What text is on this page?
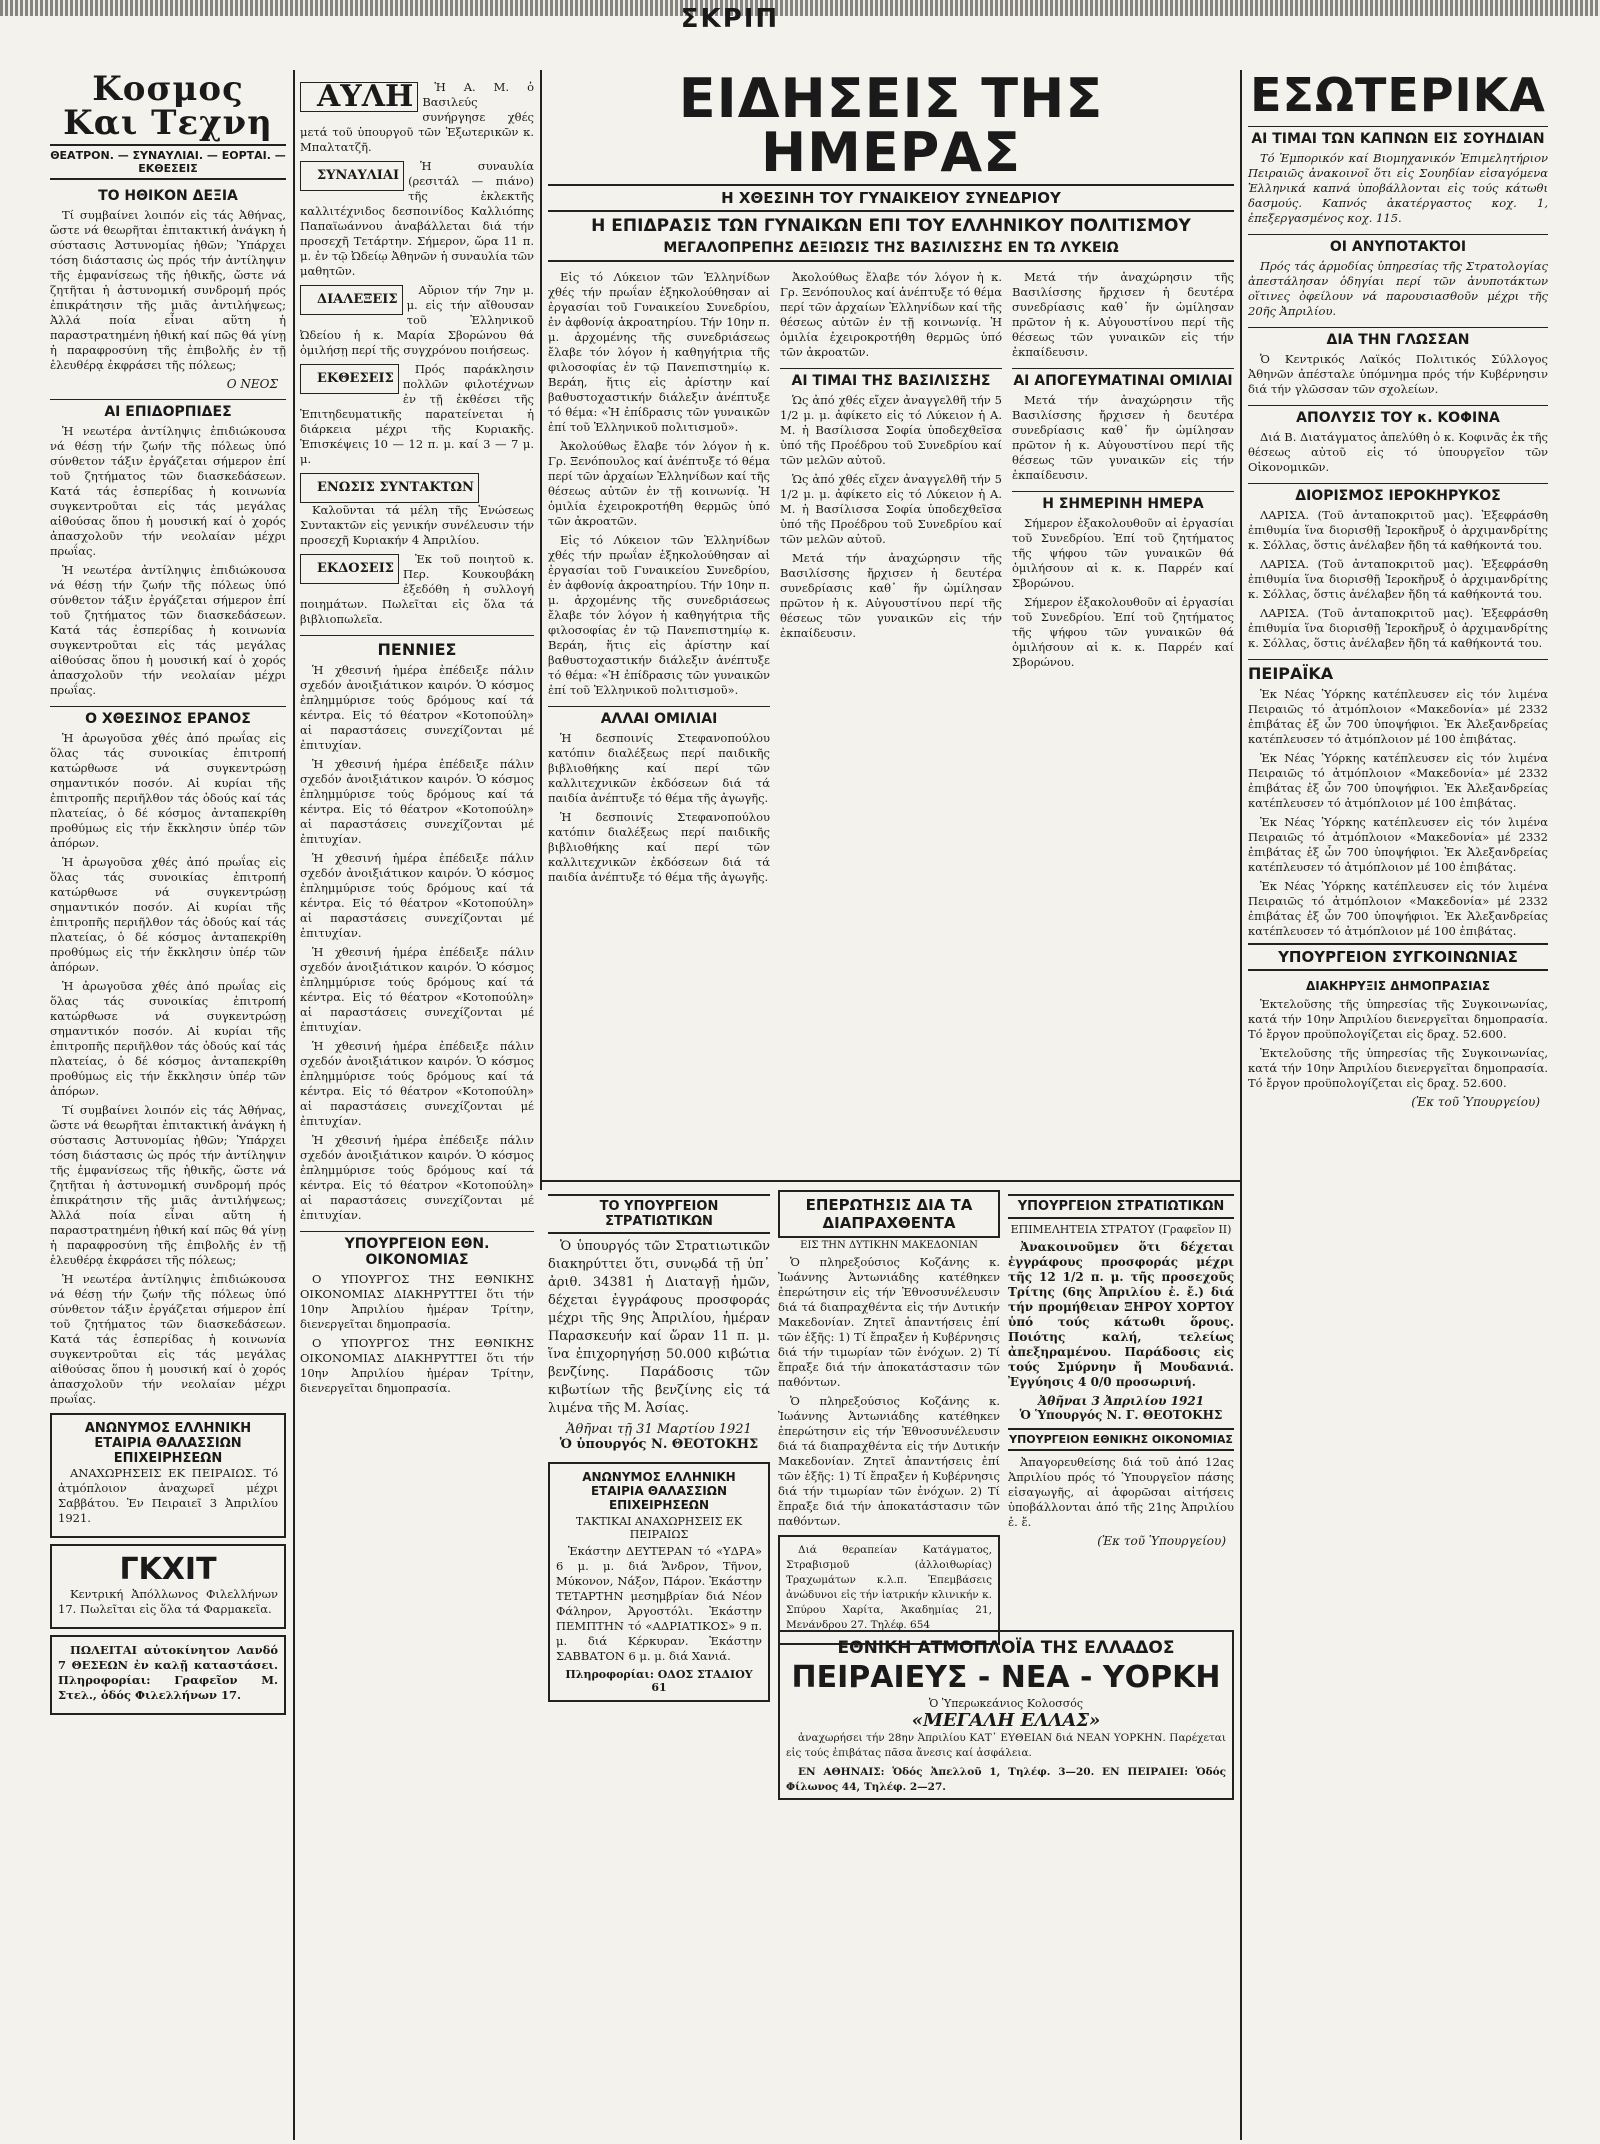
ΣΚΡΙΠ
Κοσμος Και Τεχνη
ΘΕΑΤΡΟΝ. — ΣΥΝΑΥΛΙΑΙ. — ΕΟΡΤΑΙ. — ΕΚΘΕΣΕΙΣ
ΤΟ ΗΘΙΚΟΝ ΔΕΞΙΑ

Τί συμβαίνει λοιπόν εἰς τάς Ἀθήνας, ὥστε νά θεωρῆται ἐπιτακτική ἀνάγκη ἡ σύστασις Ἀστυνομίας ἠθῶν; Ὑπάρχει τόση διάστασις ὡς πρός τήν ἀντίληψιν τῆς ἐμφανίσεως τῆς ἡθικῆς, ὥστε νά ζητῆται ἡ ἀστυνομική συνδρομή πρός ἐπικράτησιν τῆς μιᾶς ἀντιλήψεως; Ἀλλά ποία εἶναι αὕτη ἡ παραστρατημένη ἠθική καί πῶς θά γίνῃ ἡ παραφροσύνη τῆς ἐπιβολῆς ἐν τῇ ἑλευθέρᾳ ἐκφράσει τῆς πόλεως;

Ο ΝΕΟΣ
ΑΙ ΕΠΙΔΟΡΠΙΔΕΣ

Ἡ νεωτέρα ἀντίληψις ἐπιδιώκουσα νά θέσῃ τήν ζωήν τῆς πόλεως ὑπό σύνθετον τάξιν ἐργάζεται σήμερον ἐπί τοῦ ζητήματος τῶν διασκεδάσεων. Κατά τάς ἑσπερίδας ἡ κοινωνία συγκεντροῦται εἰς τάς μεγάλας αἰθούσας ὅπου ἡ μουσική καί ὁ χορός ἀπασχολοῦν τήν νεολαίαν μέχρι πρωΐας.

Ἡ νεωτέρα ἀντίληψις ἐπιδιώκουσα νά θέσῃ τήν ζωήν τῆς πόλεως ὑπό σύνθετον τάξιν ἐργάζεται σήμερον ἐπί τοῦ ζητήματος τῶν διασκεδάσεων. Κατά τάς ἑσπερίδας ἡ κοινωνία συγκεντροῦται εἰς τάς μεγάλας αἰθούσας ὅπου ἡ μουσική καί ὁ χορός ἀπασχολοῦν τήν νεολαίαν μέχρι πρωΐας.

Ο ΧΘΕΣΙΝΟΣ ΕΡΑΝΟΣ

Ἡ ἀρωγοῦσα χθές ἀπό πρωΐας εἰς ὅλας τάς συνοικίας ἐπιτροπή κατώρθωσε νά συγκεντρώσῃ σημαντικόν ποσόν. Αἱ κυρίαι τῆς ἐπιτροπῆς περιῆλθον τάς ὁδούς καί τάς πλατείας, ὁ δέ κόσμος ἀνταπεκρίθη προθύμως εἰς τήν ἔκκλησιν ὑπέρ τῶν ἀπόρων.

Ἡ ἀρωγοῦσα χθές ἀπό πρωΐας εἰς ὅλας τάς συνοικίας ἐπιτροπή κατώρθωσε νά συγκεντρώσῃ σημαντικόν ποσόν. Αἱ κυρίαι τῆς ἐπιτροπῆς περιῆλθον τάς ὁδούς καί τάς πλατείας, ὁ δέ κόσμος ἀνταπεκρίθη προθύμως εἰς τήν ἔκκλησιν ὑπέρ τῶν ἀπόρων.

Ἡ ἀρωγοῦσα χθές ἀπό πρωΐας εἰς ὅλας τάς συνοικίας ἐπιτροπή κατώρθωσε νά συγκεντρώσῃ σημαντικόν ποσόν. Αἱ κυρίαι τῆς ἐπιτροπῆς περιῆλθον τάς ὁδούς καί τάς πλατείας, ὁ δέ κόσμος ἀνταπεκρίθη προθύμως εἰς τήν ἔκκλησιν ὑπέρ τῶν ἀπόρων.

Τί συμβαίνει λοιπόν εἰς τάς Ἀθήνας, ὥστε νά θεωρῆται ἐπιτακτική ἀνάγκη ἡ σύστασις Ἀστυνομίας ἠθῶν; Ὑπάρχει τόση διάστασις ὡς πρός τήν ἀντίληψιν τῆς ἐμφανίσεως τῆς ἡθικῆς, ὥστε νά ζητῆται ἡ ἀστυνομική συνδρομή πρός ἐπικράτησιν τῆς μιᾶς ἀντιλήψεως; Ἀλλά ποία εἶναι αὕτη ἡ παραστρατημένη ἠθική καί πῶς θά γίνῃ ἡ παραφροσύνη τῆς ἐπιβολῆς ἐν τῇ ἑλευθέρᾳ ἐκφράσει τῆς πόλεως;

Ἡ νεωτέρα ἀντίληψις ἐπιδιώκουσα νά θέσῃ τήν ζωήν τῆς πόλεως ὑπό σύνθετον τάξιν ἐργάζεται σήμερον ἐπί τοῦ ζητήματος τῶν διασκεδάσεων. Κατά τάς ἑσπερίδας ἡ κοινωνία συγκεντροῦται εἰς τάς μεγάλας αἰθούσας ὅπου ἡ μουσική καί ὁ χορός ἀπασχολοῦν τήν νεολαίαν μέχρι πρωΐας.

ΑΝΩΝΥΜΟΣ ΕΛΛΗΝΙΚΗ ΕΤΑΙΡΙΑ ΘΑΛΑΣΣΙΩΝ ΕΠΙΧΕΙΡΗΣΕΩΝ

ΑΝΑΧΩΡΗΣΕΙΣ ΕΚ ΠΕΙΡΑΙΩΣ. Τό ἀτμόπλοιον ἀναχωρεῖ μέχρι Σαββάτου. Ἐν Πειραιεῖ 3 Ἀπριλίου 1921.

ΓΚΧΙΤ

Κεντρική Ἀπόλλωνος Φιλελλήνων 17. Πωλεῖται εἰς ὅλα τά Φαρμακεῖα.

ΠΩΛΕΙΤΑΙ αὐτοκίνητον Λανδό 7 ΘΕΣΕΩΝ ἐν καλῇ καταστάσει. Πληροφορίαι: Γραφεῖον Μ. Στελ., ὁδός Φιλελλήνων 17.

ΑΥΛΗ	Ἡ Α. Μ. ὁ Βασιλεύς συνήργησε χθές μετά τοῦ ὑπουργοῦ τῶν Ἐξωτερικῶν κ. Μπαλτατζῆ.

ΣΥΝΑΥΛΙΑΙ
Ἡ συναυλία (ρεσιτάλ — πιάνο) τῆς ἐκλεκτῆς καλλιτέχνιδος δεσποινίδος Καλλιόπης Παπαϊωάννου ἀναβάλλεται διά τήν προσεχῆ Τετάρτην. Σήμερον, ὥρα 11 π. μ. ἐν τῷ Ὠδείῳ Ἀθηνῶν ἡ συναυλία τῶν μαθητῶν.

ΔΙΑΛΕΞΕΙΣ
Αὔριον τήν 7ην μ. μ. εἰς τήν αἴθουσαν τοῦ Ἑλληνικοῦ Ὠδείου ἡ κ. Μαρία Σβορώνου θά ὁμιλήσῃ περί τῆς συγχρόνου ποιήσεως.

ΕΚΘΕΣΕΙΣ
Πρός παράκλησιν πολλῶν φιλοτέχνων ἐν τῇ ἐκθέσει τῆς Ἐπιτηδευματικῆς παρατείνεται ἡ διάρκεια μέχρι τῆς Κυριακῆς. Ἐπισκέψεις 10 — 12 π. μ. καί 3 — 7 μ. μ.

ΕΝΩΣΙΣ ΣΥΝΤΑΚΤΩΝ
Καλοῦνται τά μέλη τῆς Ἑνώσεως Συντακτῶν εἰς γενικήν συνέλευσιν τήν προσεχῆ Κυριακήν 4 Ἀπριλίου.

ΕΚΔΟΣΕΙΣ
Ἐκ τοῦ ποιητοῦ κ. Περ. Κουκουβάκη ἐξεδόθη ἡ συλλογή ποιημάτων. Πωλεῖται εἰς ὅλα τά βιβλιοπωλεῖα.

ΠΕΝΝΙΕΣ

Ἡ χθεσινή ἡμέρα ἐπέδειξε πάλιν σχεδόν ἀνοιξιάτικον καιρόν. Ὁ κόσμος ἐπλημμύρισε τούς δρόμους καί τά κέντρα. Εἰς τό θέατρον «Κοτοπούλη» αἱ παραστάσεις συνεχίζονται μέ ἐπιτυχίαν.

Ἡ χθεσινή ἡμέρα ἐπέδειξε πάλιν σχεδόν ἀνοιξιάτικον καιρόν. Ὁ κόσμος ἐπλημμύρισε τούς δρόμους καί τά κέντρα. Εἰς τό θέατρον «Κοτοπούλη» αἱ παραστάσεις συνεχίζονται μέ ἐπιτυχίαν.

Ἡ χθεσινή ἡμέρα ἐπέδειξε πάλιν σχεδόν ἀνοιξιάτικον καιρόν. Ὁ κόσμος ἐπλημμύρισε τούς δρόμους καί τά κέντρα. Εἰς τό θέατρον «Κοτοπούλη» αἱ παραστάσεις συνεχίζονται μέ ἐπιτυχίαν.

Ἡ χθεσινή ἡμέρα ἐπέδειξε πάλιν σχεδόν ἀνοιξιάτικον καιρόν. Ὁ κόσμος ἐπλημμύρισε τούς δρόμους καί τά κέντρα. Εἰς τό θέατρον «Κοτοπούλη» αἱ παραστάσεις συνεχίζονται μέ ἐπιτυχίαν.

Ἡ χθεσινή ἡμέρα ἐπέδειξε πάλιν σχεδόν ἀνοιξιάτικον καιρόν. Ὁ κόσμος ἐπλημμύρισε τούς δρόμους καί τά κέντρα. Εἰς τό θέατρον «Κοτοπούλη» αἱ παραστάσεις συνεχίζονται μέ ἐπιτυχίαν.

Ἡ χθεσινή ἡμέρα ἐπέδειξε πάλιν σχεδόν ἀνοιξιάτικον καιρόν. Ὁ κόσμος ἐπλημμύρισε τούς δρόμους καί τά κέντρα. Εἰς τό θέατρον «Κοτοπούλη» αἱ παραστάσεις συνεχίζονται μέ ἐπιτυχίαν.

ΥΠΟΥΡΓΕΙΟΝ ΕΘΝ. ΟΙΚΟΝΟΜΙΑΣ

Ο ΥΠΟΥΡΓΟΣ ΤΗΣ ΕΘΝΙΚΗΣ ΟΙΚΟΝΟΜΙΑΣ ΔΙΑΚΗΡΥΤΤΕΙ ὅτι τήν 10ην Ἀπριλίου ἡμέραν Τρίτην, διενεργεῖται δημοπρασία.

Ο ΥΠΟΥΡΓΟΣ ΤΗΣ ΕΘΝΙΚΗΣ ΟΙΚΟΝΟΜΙΑΣ ΔΙΑΚΗΡΥΤΤΕΙ ὅτι τήν 10ην Ἀπριλίου ἡμέραν Τρίτην, διενεργεῖται δημοπρασία.

ΕΙΔΗΣΕΙΣ ΤΗΣ ΗΜΕΡΑΣ
Η ΧΘΕΣΙΝΗ ΤΟΥ ΓΥΝΑΙΚΕΙΟΥ ΣΥΝΕΔΡΙΟΥ
Η ΕΠΙΔΡΑΣΙΣ ΤΩΝ ΓΥΝΑΙΚΩΝ ΕΠΙ ΤΟΥ ΕΛΛΗΝΙΚΟΥ ΠΟΛΙΤΙΣΜΟΥ
ΜΕΓΑΛΟΠΡΕΠΗΣ ΔΕΞΙΩΣΙΣ ΤΗΣ ΒΑΣΙΛΙΣΣΗΣ ΕΝ ΤΩ ΛΥΚΕΙΩ

Εἰς τό Λύκειον τῶν Ἑλληνίδων χθές τήν πρωΐαν ἐξηκολούθησαν αἱ ἐργασίαι τοῦ Γυναικείου Συνεδρίου, ἐν ἀφθονίᾳ ἀκροατηρίου. Τήν 10ην π. μ. ἀρχομένης τῆς συνεδριάσεως ἔλαβε τόν λόγον ἡ καθηγήτρια τῆς φιλοσοφίας ἐν τῷ Πανεπιστημίῳ κ. Βεράη, ἥτις εἰς ἀρίστην καί βαθυστοχαστικήν διάλεξιν ἀνέπτυξε τό θέμα: «Ἡ ἐπίδρασις τῶν γυναικῶν ἐπί τοῦ Ἑλληνικοῦ πολιτισμοῦ».

Ἀκολούθως ἔλαβε τόν λόγον ἡ κ. Γρ. Ξενόπουλος καί ἀνέπτυξε τό θέμα περί τῶν ἀρχαίων Ἑλληνίδων καί τῆς θέσεως αὐτῶν ἐν τῇ κοινωνίᾳ. Ἡ ὁμιλία ἐχειροκροτήθη θερμῶς ὑπό τῶν ἀκροατῶν.

Εἰς τό Λύκειον τῶν Ἑλληνίδων χθές τήν πρωΐαν ἐξηκολούθησαν αἱ ἐργασίαι τοῦ Γυναικείου Συνεδρίου, ἐν ἀφθονίᾳ ἀκροατηρίου. Τήν 10ην π. μ. ἀρχομένης τῆς συνεδριάσεως ἔλαβε τόν λόγον ἡ καθηγήτρια τῆς φιλοσοφίας ἐν τῷ Πανεπιστημίῳ κ. Βεράη, ἥτις εἰς ἀρίστην καί βαθυστοχαστικήν διάλεξιν ἀνέπτυξε τό θέμα: «Ἡ ἐπίδρασις τῶν γυναικῶν ἐπί τοῦ Ἑλληνικοῦ πολιτισμοῦ».

ΑΛΛΑΙ ΟΜΙΛΙΑΙ

Ἡ δεσποινίς Στεφανοπούλου κατόπιν διαλέξεως περί παιδικῆς βιβλιοθήκης καί περί τῶν καλλιτεχνικῶν ἐκδόσεων διά τά παιδία ἀνέπτυξε τό θέμα τῆς ἀγωγῆς.

Ἡ δεσποινίς Στεφανοπούλου κατόπιν διαλέξεως περί παιδικῆς βιβλιοθήκης καί περί τῶν καλλιτεχνικῶν ἐκδόσεων διά τά παιδία ἀνέπτυξε τό θέμα τῆς ἀγωγῆς.

Ἀκολούθως ἔλαβε τόν λόγον ἡ κ. Γρ. Ξενόπουλος καί ἀνέπτυξε τό θέμα περί τῶν ἀρχαίων Ἑλληνίδων καί τῆς θέσεως αὐτῶν ἐν τῇ κοινωνίᾳ. Ἡ ὁμιλία ἐχειροκροτήθη θερμῶς ὑπό τῶν ἀκροατῶν.

ΑΙ ΤΙΜΑΙ ΤΗΣ ΒΑΣΙΛΙΣΣΗΣ

Ὡς ἀπό χθές εἴχεν ἀναγγελθῆ τήν 5 1/2 μ. μ. ἀφίκετο εἰς τό Λύκειον ἡ Α. Μ. ἡ Βασίλισσα Σοφία ὑποδεχθεῖσα ὑπό τῆς Προέδρου τοῦ Συνεδρίου καί τῶν μελῶν αὐτοῦ.

Ὡς ἀπό χθές εἴχεν ἀναγγελθῆ τήν 5 1/2 μ. μ. ἀφίκετο εἰς τό Λύκειον ἡ Α. Μ. ἡ Βασίλισσα Σοφία ὑποδεχθεῖσα ὑπό τῆς Προέδρου τοῦ Συνεδρίου καί τῶν μελῶν αὐτοῦ.

Μετά τήν ἀναχώρησιν τῆς Βασιλίσσης ἤρχισεν ἡ δευτέρα συνεδρίασις καθ᾽ ἥν ὡμίλησαν πρῶτον ἡ κ. Αὐγουστίνου περί τῆς θέσεως τῶν γυναικῶν εἰς τήν ἐκπαίδευσιν.

Μετά τήν ἀναχώρησιν τῆς Βασιλίσσης ἤρχισεν ἡ δευτέρα συνεδρίασις καθ᾽ ἥν ὡμίλησαν πρῶτον ἡ κ. Αὐγουστίνου περί τῆς θέσεως τῶν γυναικῶν εἰς τήν ἐκπαίδευσιν.

ΑΙ ΑΠΟΓΕΥΜΑΤΙΝΑΙ ΟΜΙΛΙΑΙ

Μετά τήν ἀναχώρησιν τῆς Βασιλίσσης ἤρχισεν ἡ δευτέρα συνεδρίασις καθ᾽ ἥν ὡμίλησαν πρῶτον ἡ κ. Αὐγουστίνου περί τῆς θέσεως τῶν γυναικῶν εἰς τήν ἐκπαίδευσιν.

Η ΣΗΜΕΡΙΝΗ ΗΜΕΡΑ

Σήμερον ἐξακολουθοῦν αἱ ἐργασίαι τοῦ Συνεδρίου. Ἐπί τοῦ ζητήματος τῆς ψήφου τῶν γυναικῶν θά ὁμιλήσουν αἱ κ. κ. Παρρέν καί Σβορώνου.

Σήμερον ἐξακολουθοῦν αἱ ἐργασίαι τοῦ Συνεδρίου. Ἐπί τοῦ ζητήματος τῆς ψήφου τῶν γυναικῶν θά ὁμιλήσουν αἱ κ. κ. Παρρέν καί Σβορώνου.

ΕΣΩΤΕΡΙΚΑ
ΑΙ ΤΙΜΑΙ ΤΩΝ ΚΑΠΝΩΝ ΕΙΣ ΣΟΥΗΔΙΑΝ

Τό Ἐμπορικόν καί Βιομηχανικόν Ἐπιμελητήριον Πειραιῶς ἀνακοινοῖ ὅτι εἰς Σουηδίαν εἰσαγόμενα Ἑλληνικά καπνά ὑποβάλλονται εἰς τούς κάτωθι δασμούς. Καπνός ἀκατέργαστος κοχ. 1, ἐπεξεργασμένος κοχ. 115.

ΟΙ ΑΝΥΠΟΤΑΚΤΟΙ

Πρός τάς ἁρμοδίας ὑπηρεσίας τῆς Στρατολογίας ἀπεστάλησαν ὁδηγίαι περί τῶν ἀνυποτάκτων οἵτινες ὀφείλουν νά παρουσιασθοῦν μέχρι τῆς 20ῆς Ἀπριλίου.

ΔΙΑ ΤΗΝ ΓΛΩΣΣΑΝ

Ὁ Κεντρικός Λαϊκός Πολιτικός Σύλλογος Ἀθηνῶν ἀπέσταλε ὑπόμνημα πρός τήν Κυβέρνησιν διά τήν γλῶσσαν τῶν σχολείων.

ΑΠΟΛΥΣΙΣ ΤΟΥ κ. ΚΟΦΙΝΑ

Διά Β. Διατάγματος ἀπελύθη ὁ κ. Κοφινᾶς ἐκ τῆς θέσεως αὐτοῦ εἰς τό ὑπουργεῖον τῶν Οἰκονομικῶν.

ΔΙΟΡΙΣΜΟΣ ΙΕΡΟΚΗΡΥΚΟΣ

ΛΑΡΙΣΑ. (Τοῦ ἀνταποκριτοῦ μας). Ἐξεφράσθη ἐπιθυμία ἵνα διορισθῇ Ἱεροκῆρυξ ὁ ἀρχιμανδρίτης κ. Σόλλας, ὅστις ἀνέλαβεν ἤδη τά καθήκοντά του.

ΛΑΡΙΣΑ. (Τοῦ ἀνταποκριτοῦ μας). Ἐξεφράσθη ἐπιθυμία ἵνα διορισθῇ Ἱεροκῆρυξ ὁ ἀρχιμανδρίτης κ. Σόλλας, ὅστις ἀνέλαβεν ἤδη τά καθήκοντά του.

ΛΑΡΙΣΑ. (Τοῦ ἀνταποκριτοῦ μας). Ἐξεφράσθη ἐπιθυμία ἵνα διορισθῇ Ἱεροκῆρυξ ὁ ἀρχιμανδρίτης κ. Σόλλας, ὅστις ἀνέλαβεν ἤδη τά καθήκοντά του.

ΠΕΙΡΑΪΚΑ

Ἐκ Νέας Ὑόρκης κατέπλευσεν εἰς τόν λιμένα Πειραιῶς τό ἀτμόπλοιον «Μακεδονία» μέ 2332 ἐπιβάτας ἐξ ὧν 700 ὑποψήφιοι. Ἐκ Ἀλεξανδρείας κατέπλευσεν τό ἀτμόπλοιον μέ 100 ἐπιβάτας.

Ἐκ Νέας Ὑόρκης κατέπλευσεν εἰς τόν λιμένα Πειραιῶς τό ἀτμόπλοιον «Μακεδονία» μέ 2332 ἐπιβάτας ἐξ ὧν 700 ὑποψήφιοι. Ἐκ Ἀλεξανδρείας κατέπλευσεν τό ἀτμόπλοιον μέ 100 ἐπιβάτας.

Ἐκ Νέας Ὑόρκης κατέπλευσεν εἰς τόν λιμένα Πειραιῶς τό ἀτμόπλοιον «Μακεδονία» μέ 2332 ἐπιβάτας ἐξ ὧν 700 ὑποψήφιοι. Ἐκ Ἀλεξανδρείας κατέπλευσεν τό ἀτμόπλοιον μέ 100 ἐπιβάτας.

Ἐκ Νέας Ὑόρκης κατέπλευσεν εἰς τόν λιμένα Πειραιῶς τό ἀτμόπλοιον «Μακεδονία» μέ 2332 ἐπιβάτας ἐξ ὧν 700 ὑποψήφιοι. Ἐκ Ἀλεξανδρείας κατέπλευσεν τό ἀτμόπλοιον μέ 100 ἐπιβάτας.

ΥΠΟΥΡΓΕΙΟΝ ΣΥΓΚΟΙΝΩΝΙΑΣ
ΔΙΑΚΗΡΥΞΙΣ ΔΗΜΟΠΡΑΣΙΑΣ

Ἐκτελοῦσης τῆς ὑπηρεσίας τῆς Συγκοινωνίας, κατά τήν 10ην Ἀπριλίου διενεργεῖται δημοπρασία. Τό ἔργον προϋπολογίζεται εἰς δραχ. 52.600.

Ἐκτελοῦσης τῆς ὑπηρεσίας τῆς Συγκοινωνίας, κατά τήν 10ην Ἀπριλίου διενεργεῖται δημοπρασία. Τό ἔργον προϋπολογίζεται εἰς δραχ. 52.600.

(Ἐκ τοῦ Ὑπουργείου)
ΤΟ ΥΠΟΥΡΓΕΙΟΝ ΣΤΡΑΤΙΩΤΙΚΩΝ

Ὁ ὑπουργός τῶν Στρατιωτικῶν διακηρύττει ὅτι, συνῳδά τῇ ὑπ᾽ ἀριθ. 34381 ἡ Διαταγῇ ἡμῶν, δέχεται ἐγγράφους προσφοράς μέχρι τῆς 9ης Ἀπριλίου, ἡμέραν Παρασκευήν καί ὥραν 11 π. μ. ἵνα ἐπιχορηγήσῃ 50.000 κιβώτια βενζίνης. Παράδοσις τῶν κιβωτίων τῆς βενζίνης εἰς τά λιμένα τῆς Μ. Ἀσίας.

Ἀθῆναι τῇ 31 Μαρτίου 1921
Ὁ ὑπουργός Ν. ΘΕΟΤΟΚΗΣ
ΑΝΩΝΥΜΟΣ ΕΛΛΗΝΙΚΗ ΕΤΑΙΡΙΑ ΘΑΛΑΣΣΙΩΝ ΕΠΙΧΕΙΡΗΣΕΩΝ
ΤΑΚΤΙΚΑΙ ΑΝΑΧΩΡΗΣΕΙΣ ΕΚ ΠΕΙΡΑΙΩΣ

Ἑκάστην ΔΕΥΤΕΡΑΝ τό «ΥΔΡΑ» 6 μ. μ. διά Ἄνδρον, Τῆνον, Μύκονον, Νάξον, Πάρον. Ἑκάστην ΤΕΤΑΡΤΗΝ μεσημβρίαν διά Νέον Φάληρον, Ἀργοστόλι. Ἑκάστην ΠΕΜΠΤΗΝ τό «ΑΔΡΙΑΤΙΚΟΣ» 9 π. μ. διά Κέρκυραν. Ἑκάστην ΣΑΒΒΑΤΟΝ 6 μ. μ. διά Χανιά.

Πληροφορίαι: ΟΔΟΣ ΣΤΑΔΙΟΥ 61
ΕΠΕΡΩΤΗΣΙΣ ΔΙΑ ΤΑ ΔΙΑΠΡΑΧΘΕΝΤΑ
ΕΙΣ ΤΗΝ ΔΥΤΙΚΗΝ ΜΑΚΕΔΟΝΙΑΝ

Ὁ πληρεξούσιος Κοζάνης κ. Ἰωάννης Ἀντωνιάδης κατέθηκεν ἐπερώτησιν εἰς τήν Ἐθνοσυνέλευσιν διά τά διαπραχθέντα εἰς τήν Δυτικήν Μακεδονίαν. Ζητεῖ ἀπαντήσεις ἐπί τῶν ἑξῆς: 1) Τί ἔπραξεν ἡ Κυβέρνησις διά τήν τιμωρίαν τῶν ἐνόχων. 2) Τί ἔπραξε διά τήν ἀποκατάστασιν τῶν παθόντων.

Ὁ πληρεξούσιος Κοζάνης κ. Ἰωάννης Ἀντωνιάδης κατέθηκεν ἐπερώτησιν εἰς τήν Ἐθνοσυνέλευσιν διά τά διαπραχθέντα εἰς τήν Δυτικήν Μακεδονίαν. Ζητεῖ ἀπαντήσεις ἐπί τῶν ἑξῆς: 1) Τί ἔπραξεν ἡ Κυβέρνησις διά τήν τιμωρίαν τῶν ἐνόχων. 2) Τί ἔπραξε διά τήν ἀποκατάστασιν τῶν παθόντων.

Διά θεραπείαν Κατάγματος, Στραβισμοῦ (ἀλλοιθωρίας) Τραχωμάτων κ.λ.π. Ἐπεμβάσεις ἀνώδυνοι εἰς τήν ἰατρικήν κλινικήν κ. Σπύρου Χαρίτα, Ἀκαδημίας 21, Μενάνδρου 27. Τηλέφ. 654

ΥΠΟΥΡΓΕΙΟΝ ΣΤΡΑΤΙΩΤΙΚΩΝ
ΕΠΙΜΕΛΗΤΕΙΑ ΣΤΡΑΤΟΥ (Γραφεῖον ΙΙ)

Ἀνακοινοῦμεν ὅτι δέχεται ἐγγράφους προσφοράς μέχρι τῆς 12 1/2 π. μ. τῆς προσεχοῦς Τρίτης (6ης Ἀπριλίου ἐ. ἔ.) διά τήν προμήθειαν ΞΗΡΟΥ ΧΟΡΤΟΥ ὑπό τούς κάτωθι ὅρους. Ποιότης καλή, τελείως ἀπεξηραμένου. Παράδοσις εἰς τούς Σμύρνην ἤ Μουδανιά. Ἐγγύησις 4 0/0 προσωρινή.

Ἀθῆναι 3 Ἀπριλίου 1921
Ὁ Ὑπουργός Ν. Γ. ΘΕΟΤΟΚΗΣ
ΥΠΟΥΡΓΕΙΟΝ ΕΘΝΙΚΗΣ ΟΙΚΟΝΟΜΙΑΣ

Ἀπαγορευθείσης διά τοῦ ἀπό 12ας Ἀπριλίου πρός τό Ὑπουργεῖον πάσης εἰσαγωγῆς, αἱ ἀφορῶσαι αἰτήσεις ὑποβάλλονται ἀπό τῆς 21ης Ἀπριλίου ἐ. ἔ.

(Ἐκ τοῦ Ὑπουργείου)
ΕΘΝΙΚΗ ΑΤΜΟΠΛΟΪΑ ΤΗΣ ΕΛΛΑΔΟΣ
ΠΕΙΡΑΙΕΥΣ - ΝΕΑ - ΥΟΡΚΗ
Ὁ Ὑπερωκεάνιος Κολοσσός
«ΜΕΓΑΛΗ ΕΛΛΑΣ»

ἀναχωρήσει τήν 28ην Ἀπριλίου ΚΑΤ᾽ ΕΥΘΕΙΑΝ διά ΝΕΑΝ ΥΟΡΚΗΝ. Παρέχεται εἰς τούς ἐπιβάτας πᾶσα ἄνεσις καί ἀσφάλεια.

ΕΝ ΑΘΗΝΑΙΣ: Ὁδός Ἀπελλοῦ 1, Τηλέφ. 3—20. ΕΝ ΠΕΙΡΑΙΕΙ: Ὁδός Φίλωνος 44, Τηλέφ. 2—27.
